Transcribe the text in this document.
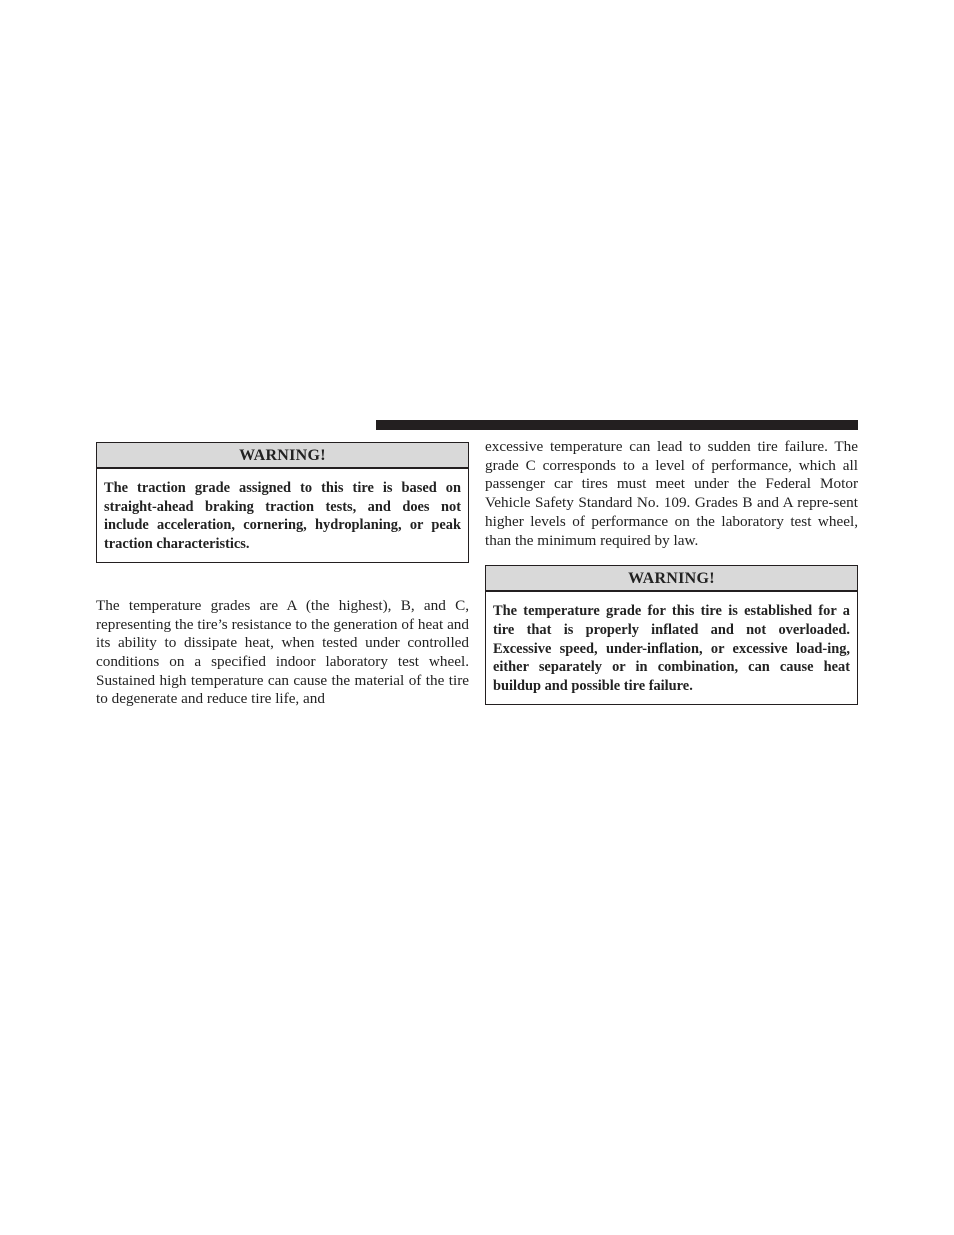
WARNING!
The traction grade assigned to this tire is based on straight-ahead braking traction tests, and does not include acceleration, cornering, hydroplaning, or peak traction characteristics.

The temperature grades are A (the highest), B, and C, representing the tire’s resistance to the generation of heat and its ability to dissipate heat, when tested under controlled conditions on a specified indoor laboratory test wheel. Sustained high temperature can cause the material of the tire to degenerate and reduce tire life, and

excessive temperature can lead to sudden tire failure. The grade C corresponds to a level of performance, which all passenger car tires must meet under the Federal Motor Vehicle Safety Standard No. 109. Grades B and A repre-sent higher levels of performance on the laboratory test wheel, than the minimum required by law.

WARNING!
The temperature grade for this tire is established for a tire that is properly inflated and not overloaded. Excessive speed, under-inflation, or excessive load-ing, either separately or in combination, can cause heat buildup and possible tire failure.
